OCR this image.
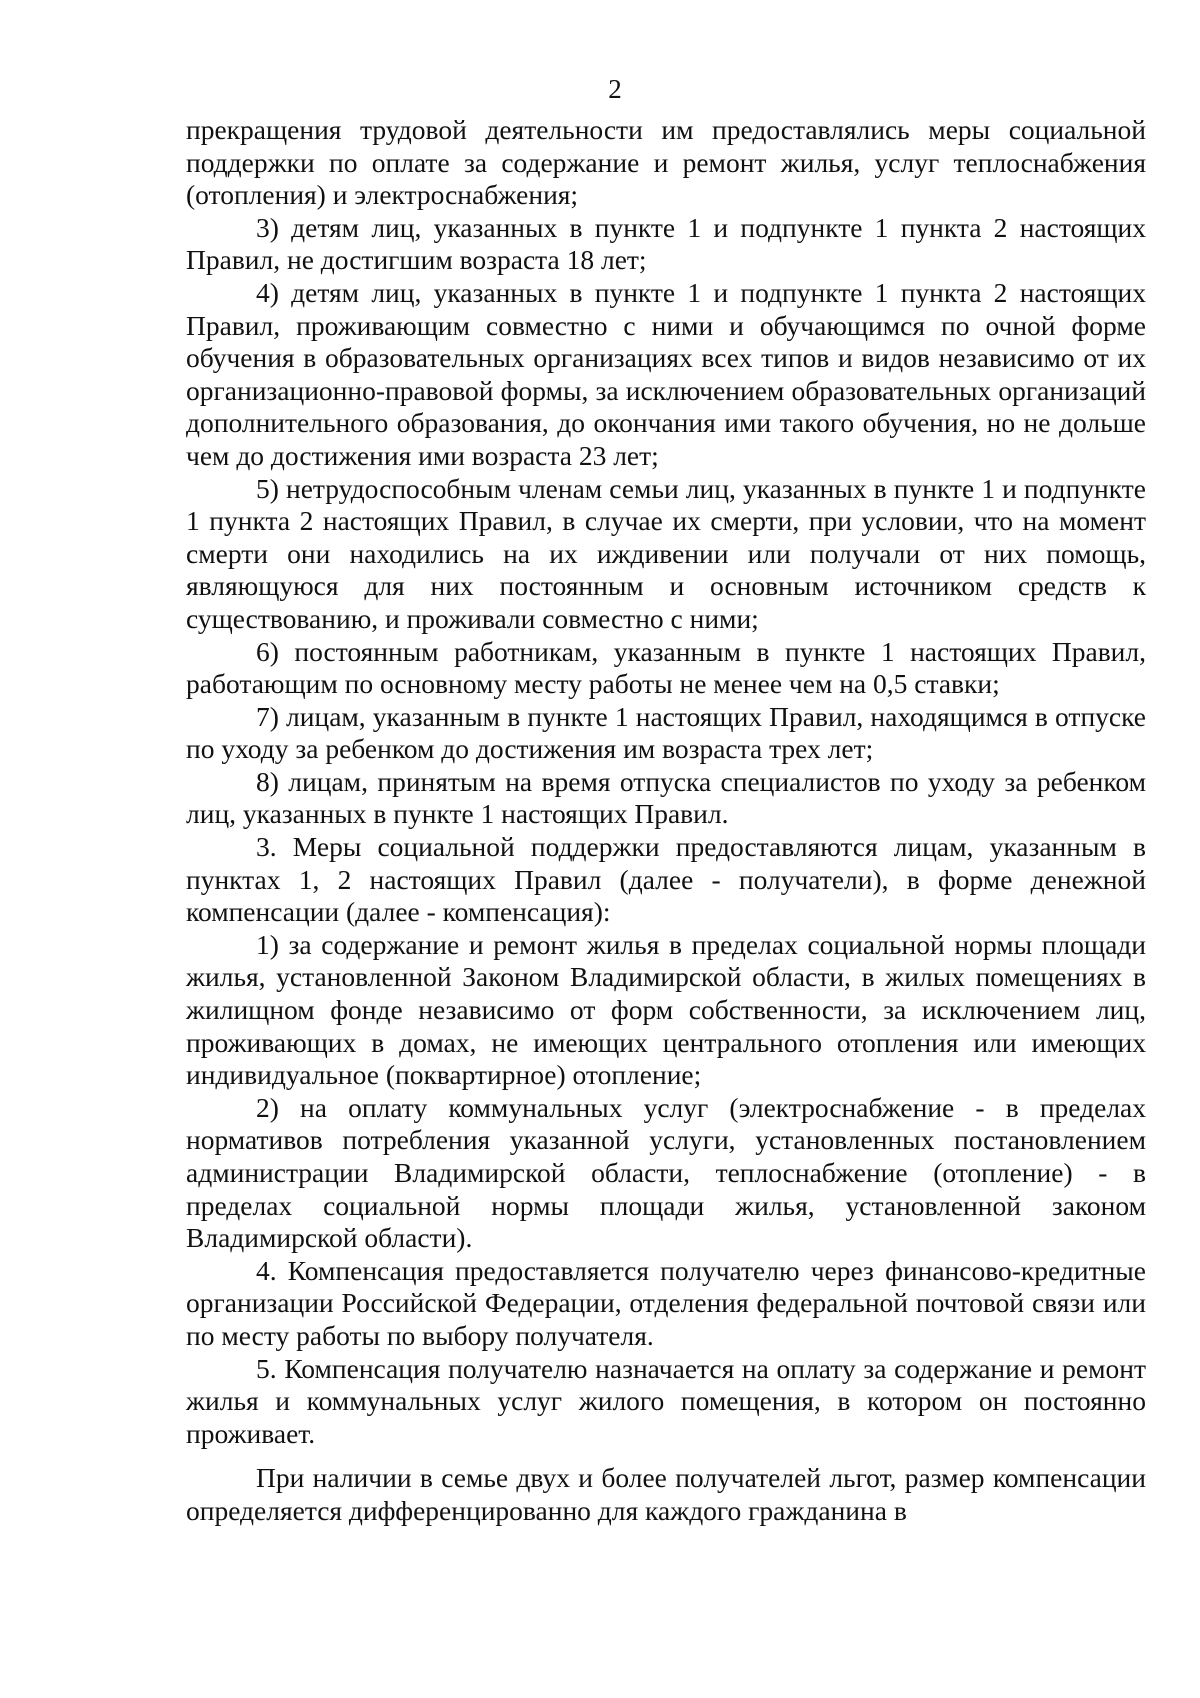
2

прекращения трудовой деятельности им предоставлялись меры социальной поддержки по оплате за содержание и ремонт жилья, услуг теплоснабжения (отопления) и электроснабжения;

3) детям лиц, указанных в пункте 1 и подпункте 1 пункта 2 настоящих Правил, не достигшим возраста 18 лет;

4) детям лиц, указанных в пункте 1 и подпункте 1 пункта 2 настоящих Правил, проживающим совместно с ними и обучающимся по очной форме обучения в образовательных организациях всех типов и видов независимо от их организационно-правовой формы, за исключением образовательных организаций дополнительного образования, до окончания ими такого обучения, но не дольше чем до достижения ими возраста 23 лет;

5) нетрудоспособным членам семьи лиц, указанных в пункте 1 и подпункте 1 пункта 2 настоящих Правил, в случае их смерти, при условии, что на момент смерти они находились на их иждивении или получали от них помощь, являющуюся для них постоянным и основным источником средств к существованию, и проживали совместно с ними;

6) постоянным работникам, указанным в пункте 1 настоящих Правил, работающим по основному месту работы не менее чем на 0,5 ставки;

7) лицам, указанным в пункте 1 настоящих Правил, находящимся в отпуске по уходу за ребенком до достижения им возраста трех лет;

8) лицам, принятым на время отпуска специалистов по уходу за ребенком лиц, указанных в пункте 1 настоящих Правил.

3. Меры социальной поддержки предоставляются лицам, указанным в пунктах 1, 2 настоящих Правил (далее - получатели), в форме денежной компенсации (далее - компенсация):

1) за содержание и ремонт жилья в пределах социальной нормы площади жилья, установленной Законом Владимирской области, в жилых помещениях в жилищном фонде независимо от форм собственности, за исключением лиц, проживающих в домах, не имеющих центрального отопления или имеющих индивидуальное (поквартирное) отопление;

2) на оплату коммунальных услуг (электроснабжение - в пределах нормативов потребления указанной услуги, установленных постановлением администрации Владимирской области, теплоснабжение (отопление) - в пределах социальной нормы площади жилья, установленной законом Владимирской области).

4. Компенсация предоставляется получателю через финансово-кредитные организации Российской Федерации, отделения федеральной почтовой связи или по месту работы по выбору получателя.

5. Компенсация получателю назначается на оплату за содержание и ремонт жилья и коммунальных услуг жилого помещения, в котором он постоянно проживает.

При наличии в семье двух и более получателей льгот, размер компенсации определяется дифференцированно для каждого гражданина в
